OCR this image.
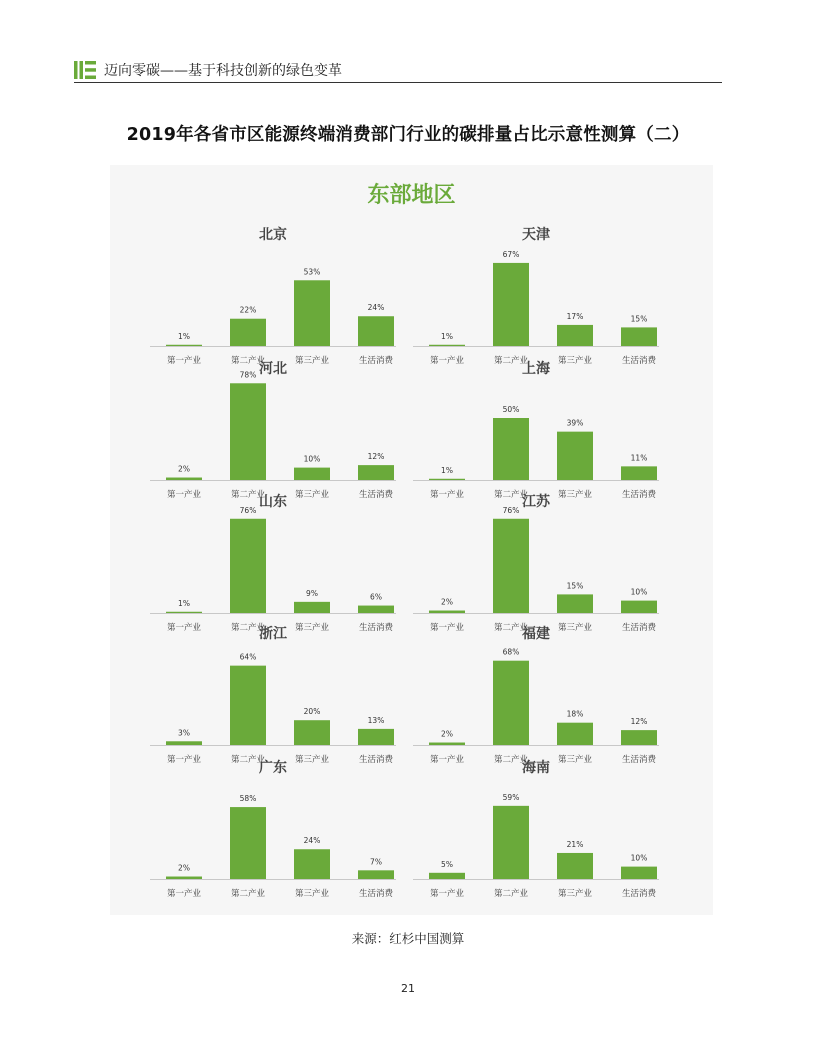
迈向零碳——基于科技创新的绿色变革
2019年各省市区能源终端消费部门行业的碳排量占比示意性测算（二）
东部地区
北京
1%
第一产业
22%
第二产业
53%
第三产业
24%
生活消费
天津
1%
第一产业
67%
第二产业
17%
第三产业
15%
生活消费
河北
2%
第一产业
78%
第二产业
10%
第三产业
12%
生活消费
上海
1%
第一产业
50%
第二产业
39%
第三产业
11%
生活消费
山东
1%
第一产业
76%
第二产业
9%
第三产业
6%
生活消费
江苏
2%
第一产业
76%
第二产业
15%
第三产业
10%
生活消费
浙江
3%
第一产业
64%
第二产业
20%
第三产业
13%
生活消费
福建
2%
第一产业
68%
第二产业
18%
第三产业
12%
生活消费
广东
2%
第一产业
58%
第二产业
24%
第三产业
7%
生活消费
海南
5%
第一产业
59%
第二产业
21%
第三产业
10%
生活消费
来源：红杉中国测算
21
